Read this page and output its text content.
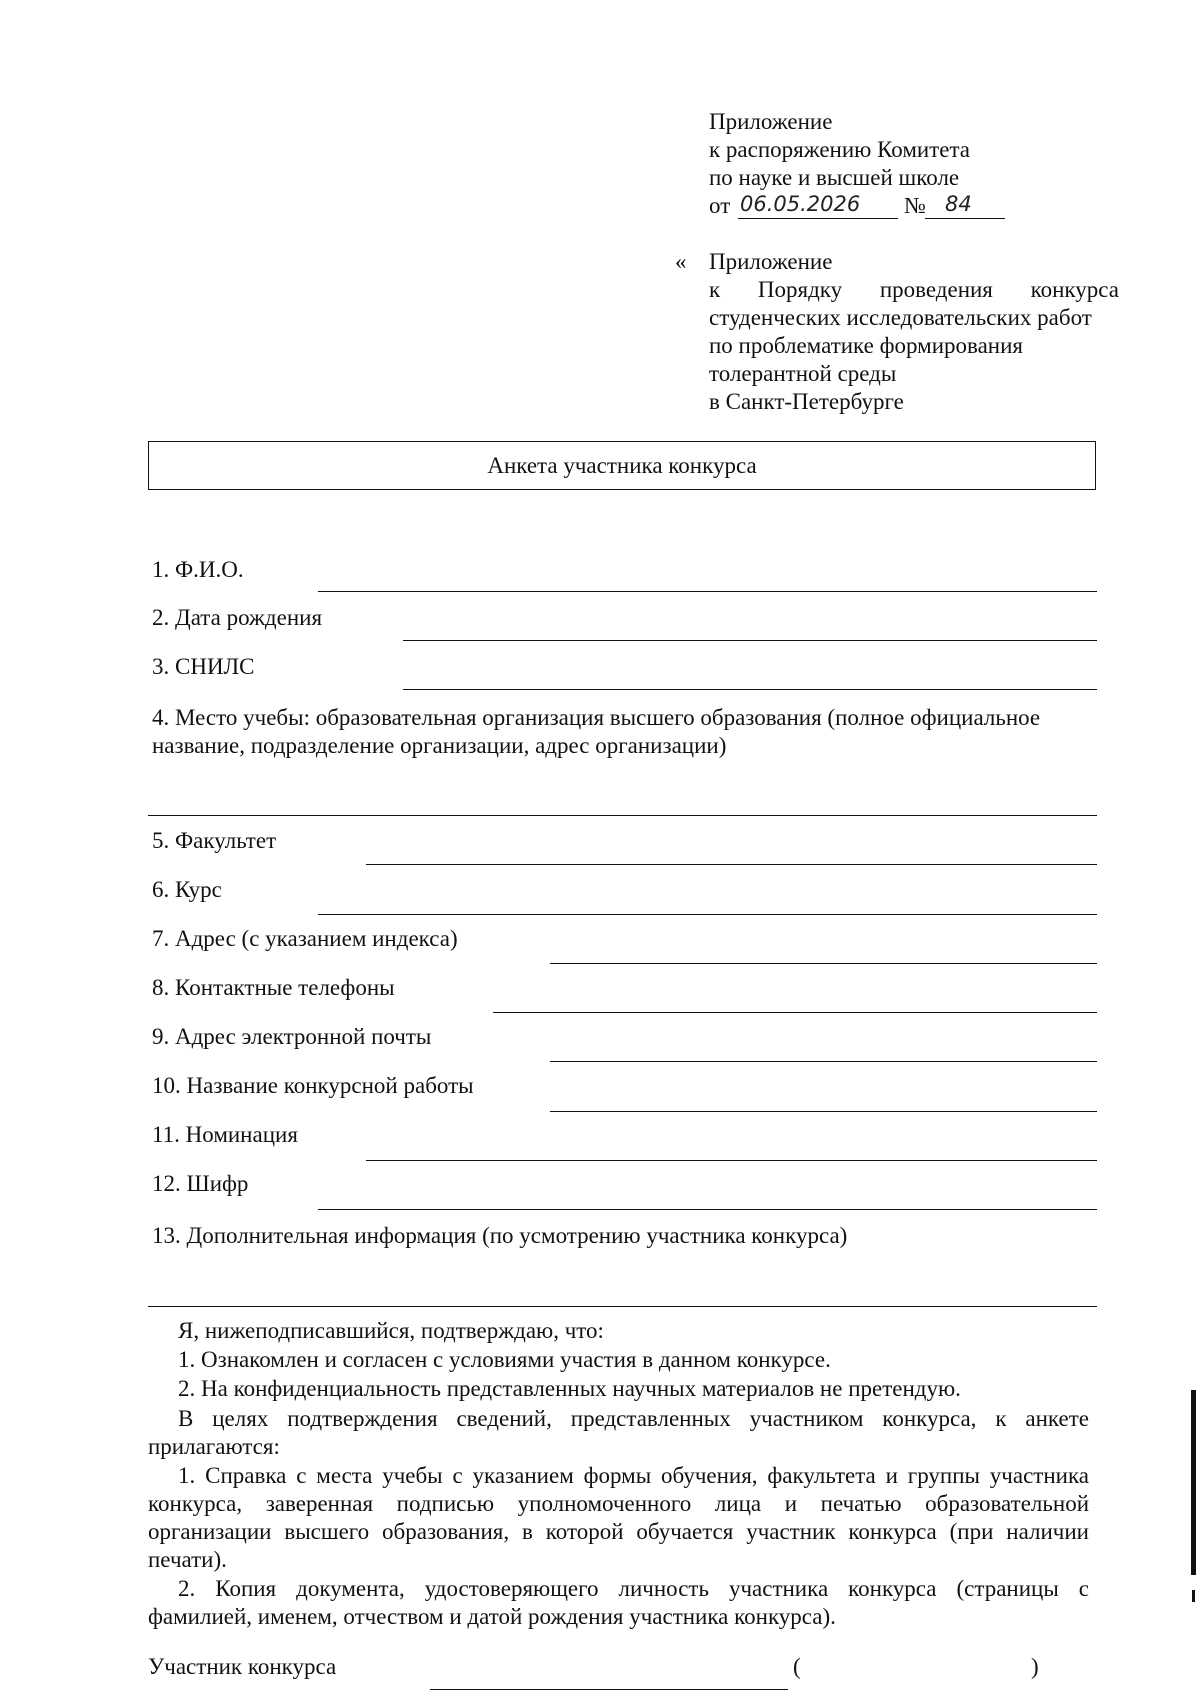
Приложение
к распоряжению Комитета
по науке и высшей школе
от 06.05.2026 № 84
« Приложение
к Порядку проведения конкурса
студенческих исследовательских работ
по проблематике формирования
толерантной среды
в Санкт-Петербурге
Анкета участника конкурса
1. Ф.И.О.
2. Дата рождения
3. СНИЛС
4. Место учебы: образовательная организация высшего образования (полное официальное
название, подразделение организации, адрес организации)
5. Факультет
6. Курс
7. Адрес (с указанием индекса)
8. Контактные телефоны
9. Адрес электронной почты
10. Название конкурсной работы
11. Номинация
12. Шифр
13. Дополнительная информация (по усмотрению участника конкурса)
Я, нижеподписавшийся, подтверждаю, что:
1. Ознакомлен и согласен с условиями участия в данном конкурсе.
2. На конфиденциальность представленных научных материалов не претендую.
В целях подтверждения сведений, представленных участником конкурса, к анкете
прилагаются:
1. Справка с места учебы с указанием формы обучения, факультета и группы участника
конкурса, заверенная подписью уполномоченного лица и печатью образовательной
организации высшего образования, в которой обучается участник конкурса (при наличии
печати).
2. Копия документа, удостоверяющего личность участника конкурса (страницы с
фамилией, именем, отчеством и датой рождения участника конкурса).
Участник конкурса	(	)
